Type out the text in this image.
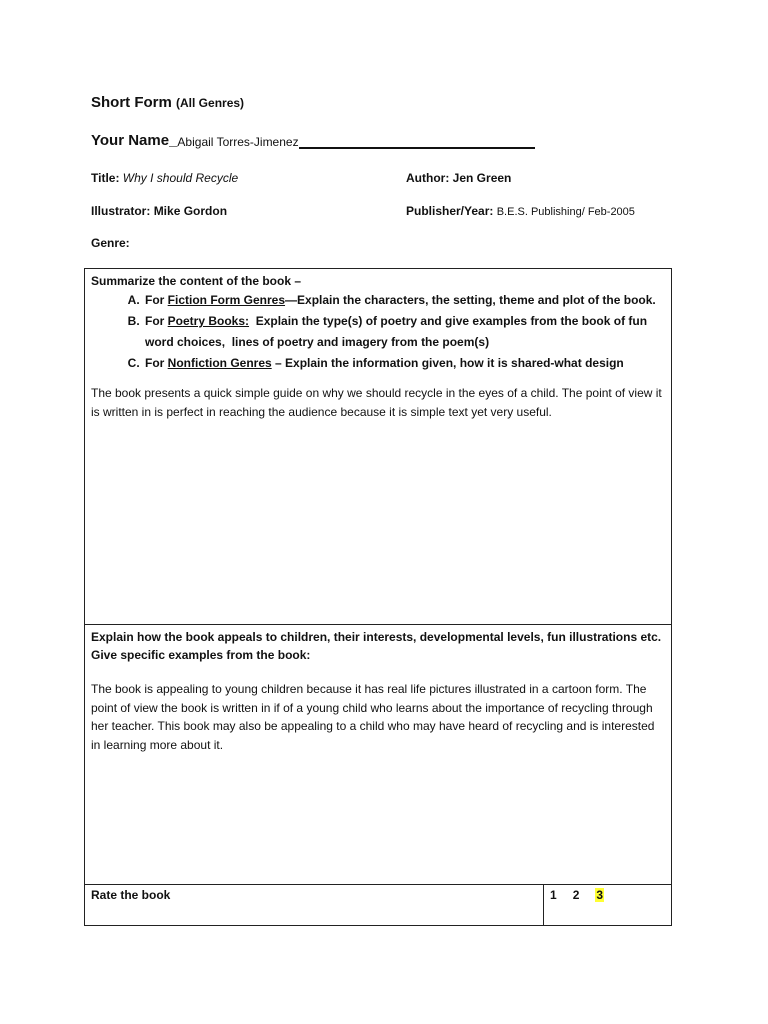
Short Form (All Genres)
Your Name_ Abigail Torres-Jimenez
Title: Why I should Recycle	Author: Jen Green
Illustrator: Mike Gordon	Publisher/Year: B.E.S. Publishing/ Feb-2005
Genre:
Summarize the content of the book –
A. For Fiction Form Genres—Explain the characters, the setting, theme and plot of the book.
B. For Poetry Books:  Explain the type(s) of poetry and give examples from the book of fun word choices,  lines of poetry and imagery from the poem(s)
C. For Nonfiction Genres – Explain the information given, how it is shared-what design
The book presents a quick simple guide on why we should recycle in the eyes of a child. The point of view it is written in is perfect in reaching the audience because it is simple text yet very useful.

Explain how the book appeals to children, their interests, developmental levels, fun illustrations etc. Give specific examples from the book:
The book is appealing to young children because it has real life pictures illustrated in a cartoon form. The point of view the book is written in if of a young child who learns about the importance of recycling through her teacher. This book may also be appealing to a child who may have heard of recycling and is interested in learning more about it.

Rate the book	1 2 3
